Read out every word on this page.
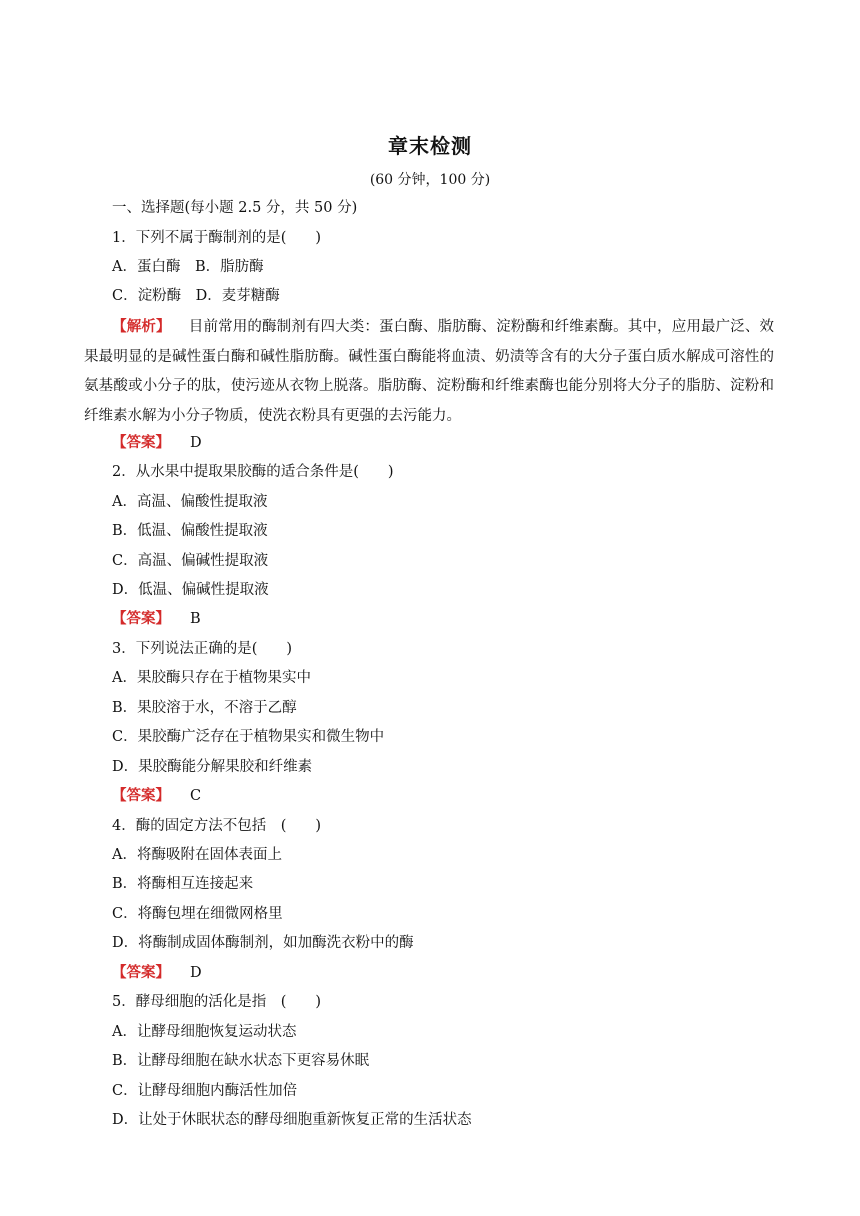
章末检测
(60 分钟，100 分)
一、选择题(每小题 2.5 分，共 50 分)
1．下列不属于酶制剂的是(　　)
A．蛋白酶　B．脂肪酶
C．淀粉酶　D．麦芽糖酶
【解析】 目前常用的酶制剂有四大类：蛋白酶、脂肪酶、淀粉酶和纤维素酶。其中，应用最广泛、效果最明显的是碱性蛋白酶和碱性脂肪酶。碱性蛋白酶能将血渍、奶渍等含有的大分子蛋白质水解成可溶性的氨基酸或小分子的肽，使污迹从衣物上脱落。脂肪酶、淀粉酶和纤维素酶也能分别将大分子的脂肪、淀粉和纤维素水解为小分子物质，使洗衣粉具有更强的去污能力。
【答案】 D
2．从水果中提取果胶酶的适合条件是(　　)
A．高温、偏酸性提取液
B．低温、偏酸性提取液
C．高温、偏碱性提取液
D．低温、偏碱性提取液
【答案】 B
3．下列说法正确的是(　　)
A．果胶酶只存在于植物果实中
B．果胶溶于水，不溶于乙醇
C．果胶酶广泛存在于植物果实和微生物中
D．果胶酶能分解果胶和纤维素
【答案】 C
4．酶的固定方法不包括　(　　)
A．将酶吸附在固体表面上
B．将酶相互连接起来
C．将酶包埋在细微网格里
D．将酶制成固体酶制剂，如加酶洗衣粉中的酶
【答案】 D
5．酵母细胞的活化是指　(　　)
A．让酵母细胞恢复运动状态
B．让酵母细胞在缺水状态下更容易休眠
C．让酵母细胞内酶活性加倍
D．让处于休眠状态的酵母细胞重新恢复正常的生活状态
